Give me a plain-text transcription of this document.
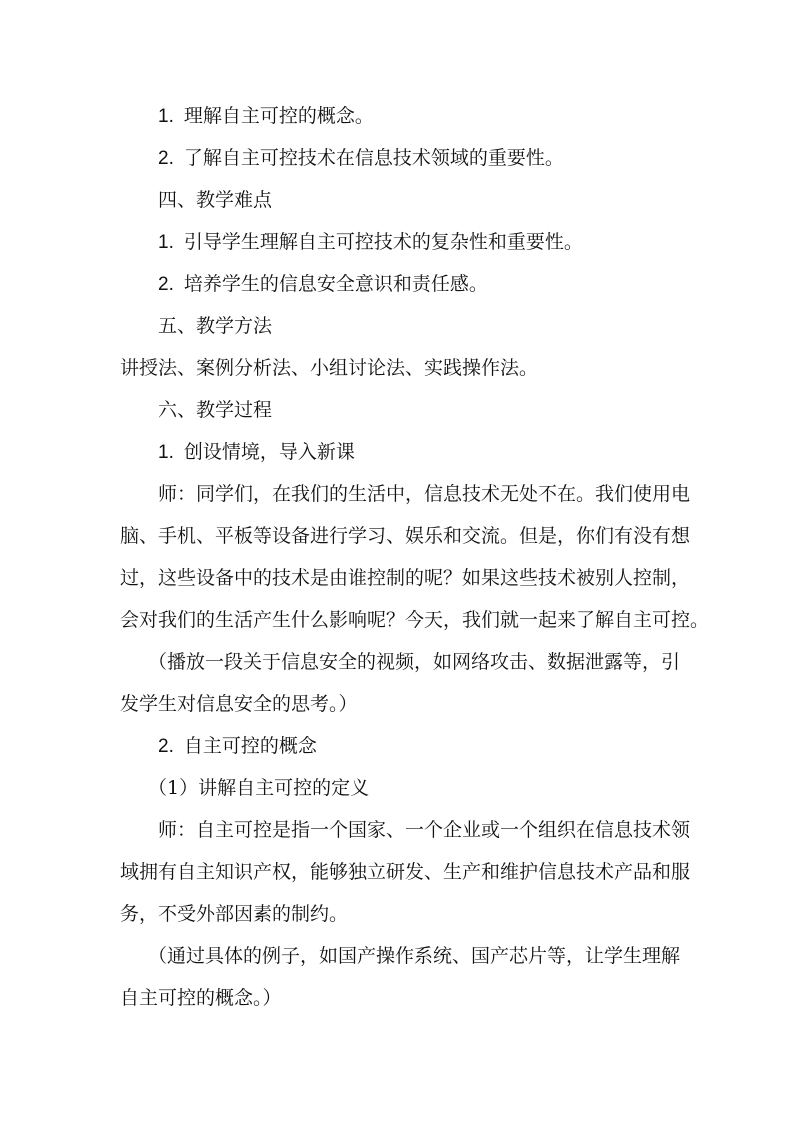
1. 理解自主可控的概念。
2. 了解自主可控技术在信息技术领域的重要性。
四、教学难点
1. 引导学生理解自主可控技术的复杂性和重要性。
2. 培养学生的信息安全意识和责任感。
五、教学方法
讲授法、案例分析法、小组讨论法、实践操作法。
六、教学过程
1. 创设情境，导入新课
师：同学们，在我们的生活中，信息技术无处不在。我们使用电
脑、手机、平板等设备进行学习、娱乐和交流。但是，你们有没有想
过，这些设备中的技术是由谁控制的呢？如果这些技术被别人控制，
会对我们的生活产生什么影响呢？今天，我们就一起来了解自主可控。
（播放一段关于信息安全的视频，如网络攻击、数据泄露等，引
发学生对信息安全的思考。）
2. 自主可控的概念
（1）讲解自主可控的定义
师：自主可控是指一个国家、一个企业或一个组织在信息技术领
域拥有自主知识产权，能够独立研发、生产和维护信息技术产品和服
务，不受外部因素的制约。
（通过具体的例子，如国产操作系统、国产芯片等，让学生理解
自主可控的概念。）
